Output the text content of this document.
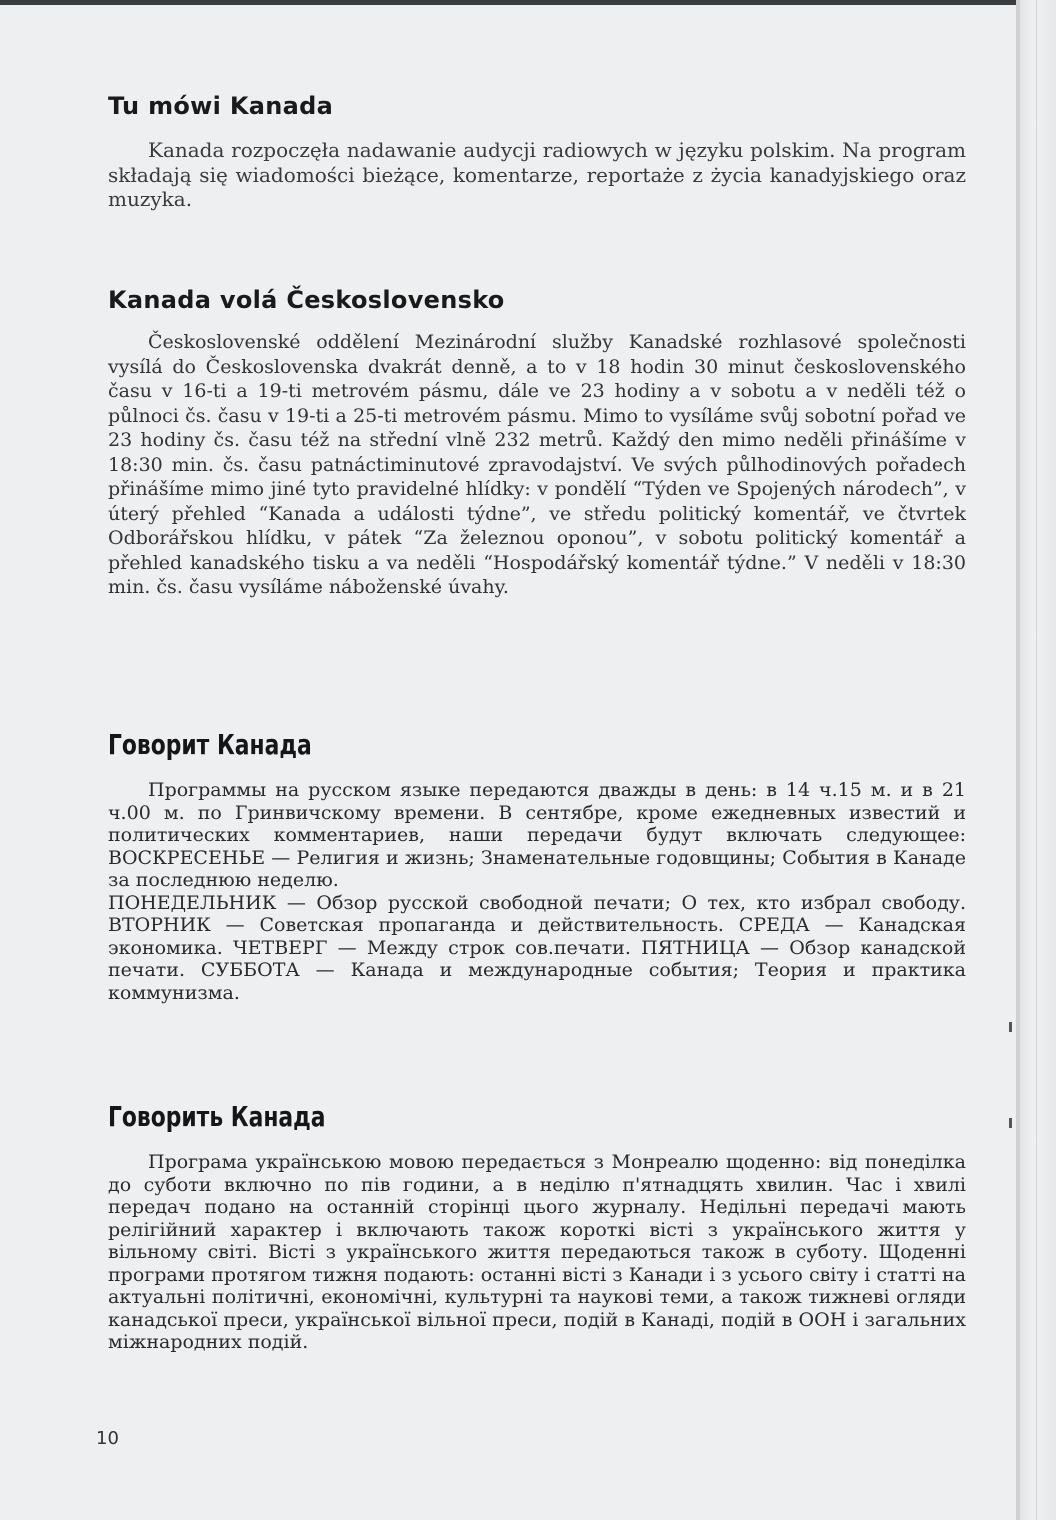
Tu mówi Kanada

Kanada rozpoczęła nadawanie audycji radiowych w języku polskim. Na program składają się wiadomości bieżące, komentarze, reportaże z życia kanadyjskiego oraz muzyka.

Kanada volá Československo

Československé oddělení Mezinárodní služby Kanadské rozhlasové společnosti vysílá do Československa dvakrát denně, a to v 18 hodin 30 minut československého času v 16-ti a 19-ti metrovém pásmu, dále ve 23 hodiny a v sobotu a v neděli též o půlnoci čs. času v 19-ti a 25-ti metrovém pásmu. Mimo to vysíláme svůj sobotní pořad ve 23 hodiny čs. času též na střední vlně 232 metrů. Každý den mimo neděli přinášíme v 18:30 min. čs. času patnáctiminutové zpravodajství. Ve svých půlhodinových pořadech přinášíme mimo jiné tyto pravidelné hlídky: v pondělí “Týden ve Spojených národech”, v úterý přehled “Kanada a události týdne”, ve středu politický komentář, ve čtvrtek Odborářskou hlídku, v pátek “Za železnou oponou”, v sobotu politický komentář a přehled kanadského tisku a va neděli “Hospodářský komentář týdne.” V neděli v 18:30 min. čs. času vysíláme náboženské úvahy.

Говорит Канада

Программы на русском языке передаются дважды в день: в 14 ч.15 м. и в 21 ч.00 м. по Гринвичскому времени. В сентябре, кроме ежедневных известий и политических комментариев, наши передачи будут включать следующее: ВОСКРЕСЕНЬЕ — Религия и жизнь; Знаменательные годовщины; События в Канаде за последнюю неделю.

ПОНЕДЕЛЬНИК — Обзор русской свободной печати; О тех, кто избрал свободу. ВТОРНИК — Советская пропаганда и действительность. СРЕДА — Канадская экономика. ЧЕТВЕРГ — Между строк сов.печати. ПЯТНИЦА — Обзор канадской печати. СУББОТА — Канада и международные события; Теория и практика коммунизма.

Говорить Канада

Програма українською мовою передається з Монреалю щоденно: від понеділка до суботи включно по пів години, а в неділю п'ятнадцять хвилин. Час і хвилі передач подано на останній сторінці цього журналу. Недільні передачі мають релігійний характер і включають також короткі вісті з українського життя у вільному світі. Вісті з українського життя передаються також в суботу. Щоденні програми протягом тижня подають: останні вісті з Канади і з усього світу і статті на актуальні політичні, економічні, культурні та наукові теми, а також тижневі огляди канадської преси, української вільної преси, подій в Канаді, подій в ООН і загальних міжнародних подій.

10
